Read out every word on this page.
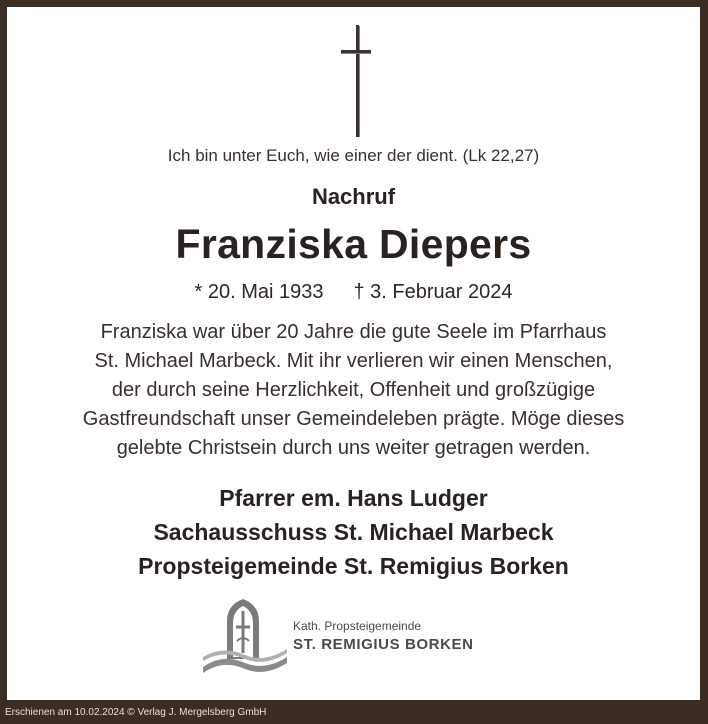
Ich bin unter Euch, wie einer der dient. (Lk 22,27)
Nachruf
Franziska Diepers
* 20. Mai 1933 † 3. Februar 2024
Franziska war über 20 Jahre die gute Seele im Pfarrhaus
St. Michael Marbeck. Mit ihr verlieren wir einen Menschen,
der durch seine Herzlichkeit, Offenheit und großzügige
Gastfreundschaft unser Gemeindeleben prägte. Möge dieses
gelebte Christsein durch uns weiter getragen werden.
Pfarrer em. Hans Ludger
Sachausschuss St. Michael Marbeck
Propsteigemeinde St. Remigius Borken
Kath. Propsteigemeinde
ST. REMIGIUS BORKEN
Erschienen am 10.02.2024 © Verlag J. Mergelsberg GmbH
